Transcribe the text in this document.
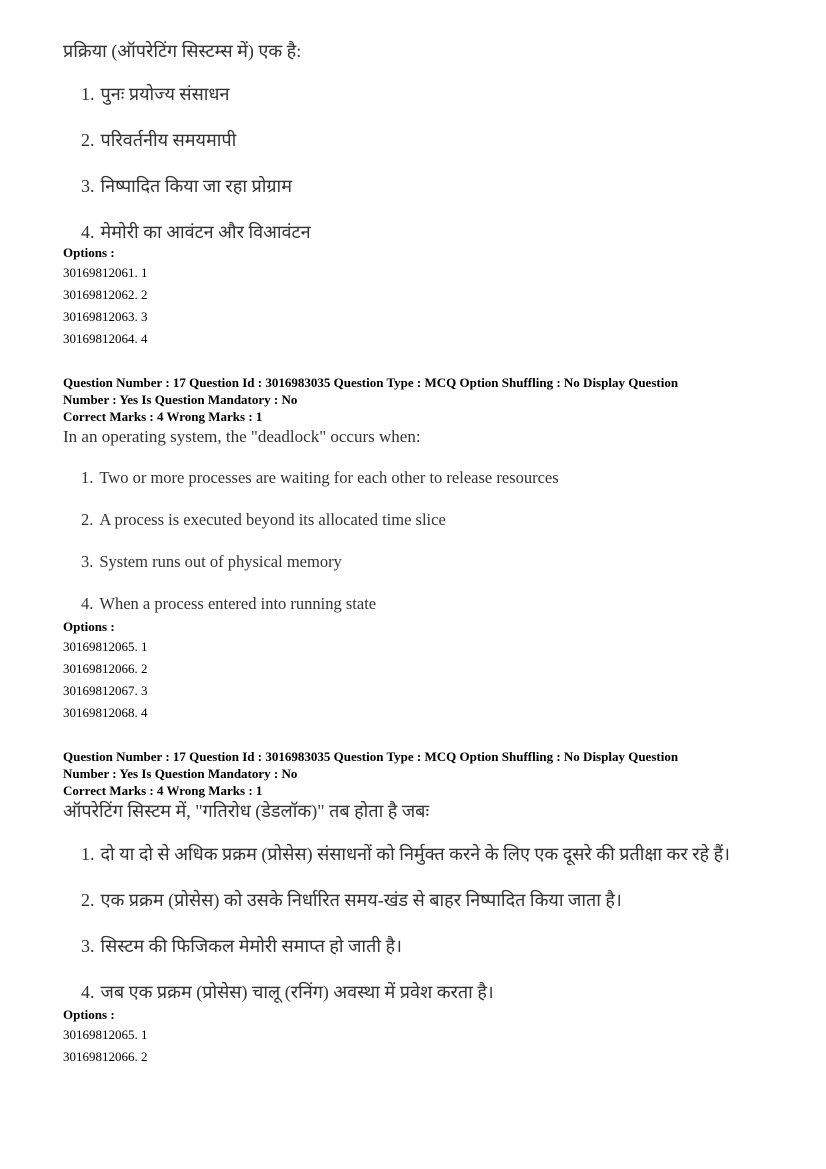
प्रक्रिया (ऑपरेटिंग सिस्टम्स में) एक है:

1. पुनः प्रयोज्य संसाधन
2. परिवर्तनीय समयमापी
3. निष्पादित किया जा रहा प्रोग्राम
4. मेमोरी का आवंटन और विआवंटन
Options :
30169812061. 1
30169812062. 2
30169812063. 3
30169812064. 4

Question Number : 17 Question Id : 3016983035 Question Type : MCQ Option Shuffling : No Display Question

Number : Yes Is Question Mandatory : No

Correct Marks : 4 Wrong Marks : 1

In an operating system, the "deadlock" occurs when:

1. Two or more processes are waiting for each other to release resources
2. A process is executed beyond its allocated time slice
3. System runs out of physical memory
4. When a process entered into running state
Options :
30169812065. 1
30169812066. 2
30169812067. 3
30169812068. 4

Question Number : 17 Question Id : 3016983035 Question Type : MCQ Option Shuffling : No Display Question

Number : Yes Is Question Mandatory : No

Correct Marks : 4 Wrong Marks : 1

ऑपरेटिंग सिस्टम में, "गतिरोध (डेडलॉक)" तब होता है जबः

1. दो या दो से अधिक प्रक्रम (प्रोसेस) संसाधनों को निर्मुक्त करने के लिए एक दूसरे की प्रतीक्षा कर रहे हैं।
2. एक प्रक्रम (प्रोसेस) को उसके निर्धारित समय-खंड से बाहर निष्पादित किया जाता है।
3. सिस्टम की फिजिकल मेमोरी समाप्त हो जाती है।
4. जब एक प्रक्रम (प्रोसेस) चालू (रनिंग) अवस्था में प्रवेश करता है।
Options :
30169812065. 1
30169812066. 2
